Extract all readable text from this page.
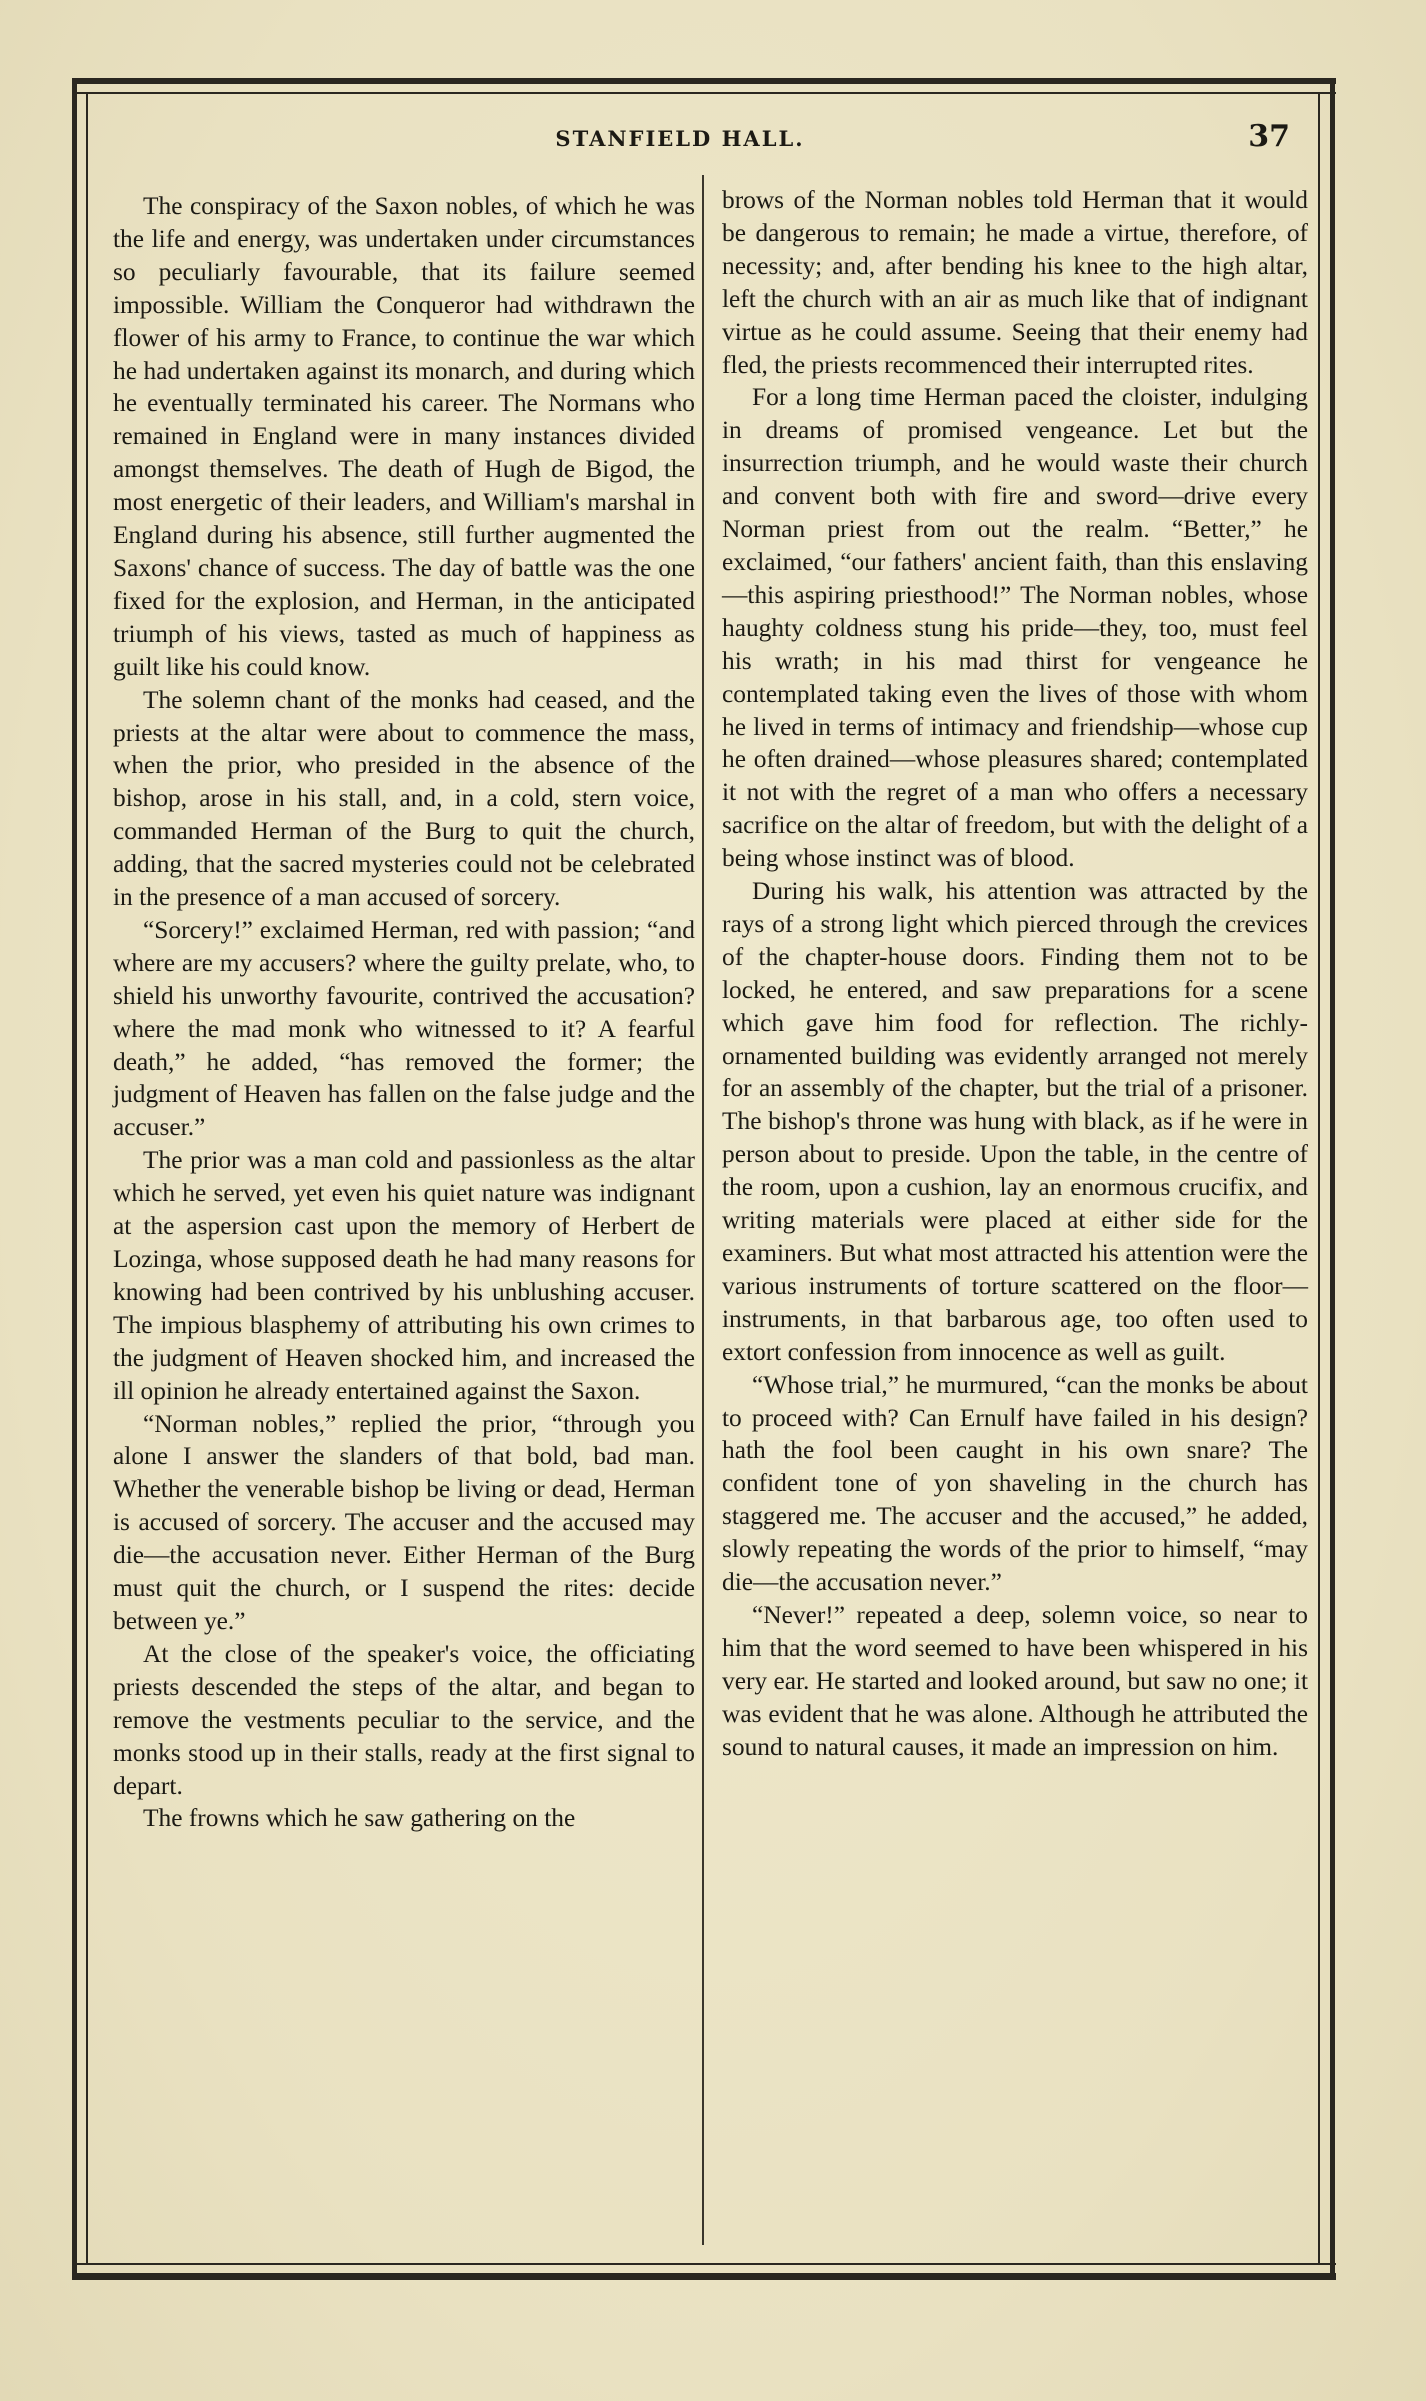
STANFIELD HALL.	37

The conspiracy of the Saxon nobles, of which he was the life and energy, was undertaken under circumstances so peculiarly favourable, that its failure seemed impossible. William the Conqueror had withdrawn the flower of his army to France, to continue the war which he had undertaken against its monarch, and during which he eventually terminated his career. The Normans who remained in England were in many instances divided amongst themselves. The death of Hugh de Bigod, the most energetic of their leaders, and William's marshal in England during his absence, still further augmented the Saxons' chance of success. The day of battle was the one fixed for the explosion, and Herman, in the anticipated triumph of his views, tasted as much of happiness as guilt like his could know.

The solemn chant of the monks had ceased, and the priests at the altar were about to commence the mass, when the prior, who presided in the absence of the bishop, arose in his stall, and, in a cold, stern voice, commanded Herman of the Burg to quit the church, adding, that the sacred mysteries could not be celebrated in the presence of a man accused of sorcery.

“Sorcery!” exclaimed Herman, red with passion; “and where are my accusers? where the guilty prelate, who, to shield his unworthy favourite, contrived the accusation? where the mad monk who witnessed to it? A fearful death,” he added, “has removed the former; the judgment of Heaven has fallen on the false judge and the accuser.”

The prior was a man cold and passionless as the altar which he served, yet even his quiet nature was indignant at the aspersion cast upon the memory of Herbert de Lozinga, whose supposed death he had many reasons for knowing had been contrived by his unblushing accuser. The impious blasphemy of attributing his own crimes to the judgment of Heaven shocked him, and increased the ill opinion he already entertained against the Saxon.

“Norman nobles,” replied the prior, “through you alone I answer the slanders of that bold, bad man. Whether the venerable bishop be living or dead, Herman is accused of sorcery. The accuser and the accused may die—the accusation never. Either Herman of the Burg must quit the church, or I suspend the rites: decide between ye.”

At the close of the speaker's voice, the officiating priests descended the steps of the altar, and began to remove the vestments peculiar to the service, and the monks stood up in their stalls, ready at the first signal to depart.

The frowns which he saw gathering on the

brows of the Norman nobles told Herman that it would be dangerous to remain; he made a virtue, therefore, of necessity; and, after bending his knee to the high altar, left the church with an air as much like that of indignant virtue as he could assume. Seeing that their enemy had fled, the priests recommenced their interrupted rites.

For a long time Herman paced the cloister, indulging in dreams of promised vengeance. Let but the insurrection triumph, and he would waste their church and convent both with fire and sword—drive every Norman priest from out the realm. “Better,” he exclaimed, “our fathers' ancient faith, than this enslaving—this aspiring priesthood!” The Norman nobles, whose haughty coldness stung his pride—they, too, must feel his wrath; in his mad thirst for vengeance he contemplated taking even the lives of those with whom he lived in terms of intimacy and friendship—whose cup he often drained—whose pleasures shared; contemplated it not with the regret of a man who offers a necessary sacrifice on the altar of freedom, but with the delight of a being whose instinct was of blood.

During his walk, his attention was attracted by the rays of a strong light which pierced through the crevices of the chapter-house doors. Finding them not to be locked, he entered, and saw preparations for a scene which gave him food for reflection. The richly-ornamented building was evidently arranged not merely for an assembly of the chapter, but the trial of a prisoner. The bishop's throne was hung with black, as if he were in person about to preside. Upon the table, in the centre of the room, upon a cushion, lay an enormous crucifix, and writing materials were placed at either side for the examiners. But what most attracted his attention were the various instruments of torture scattered on the floor—instruments, in that barbarous age, too often used to extort confession from innocence as well as guilt.

“Whose trial,” he murmured, “can the monks be about to proceed with? Can Ernulf have failed in his design? hath the fool been caught in his own snare? The confident tone of yon shaveling in the church has staggered me. The accuser and the accused,” he added, slowly repeating the words of the prior to himself, “may die—the accusation never.”

“Never!” repeated a deep, solemn voice, so near to him that the word seemed to have been whispered in his very ear. He started and looked around, but saw no one; it was evident that he was alone. Although he attributed the sound to natural causes, it made an impression on him.
